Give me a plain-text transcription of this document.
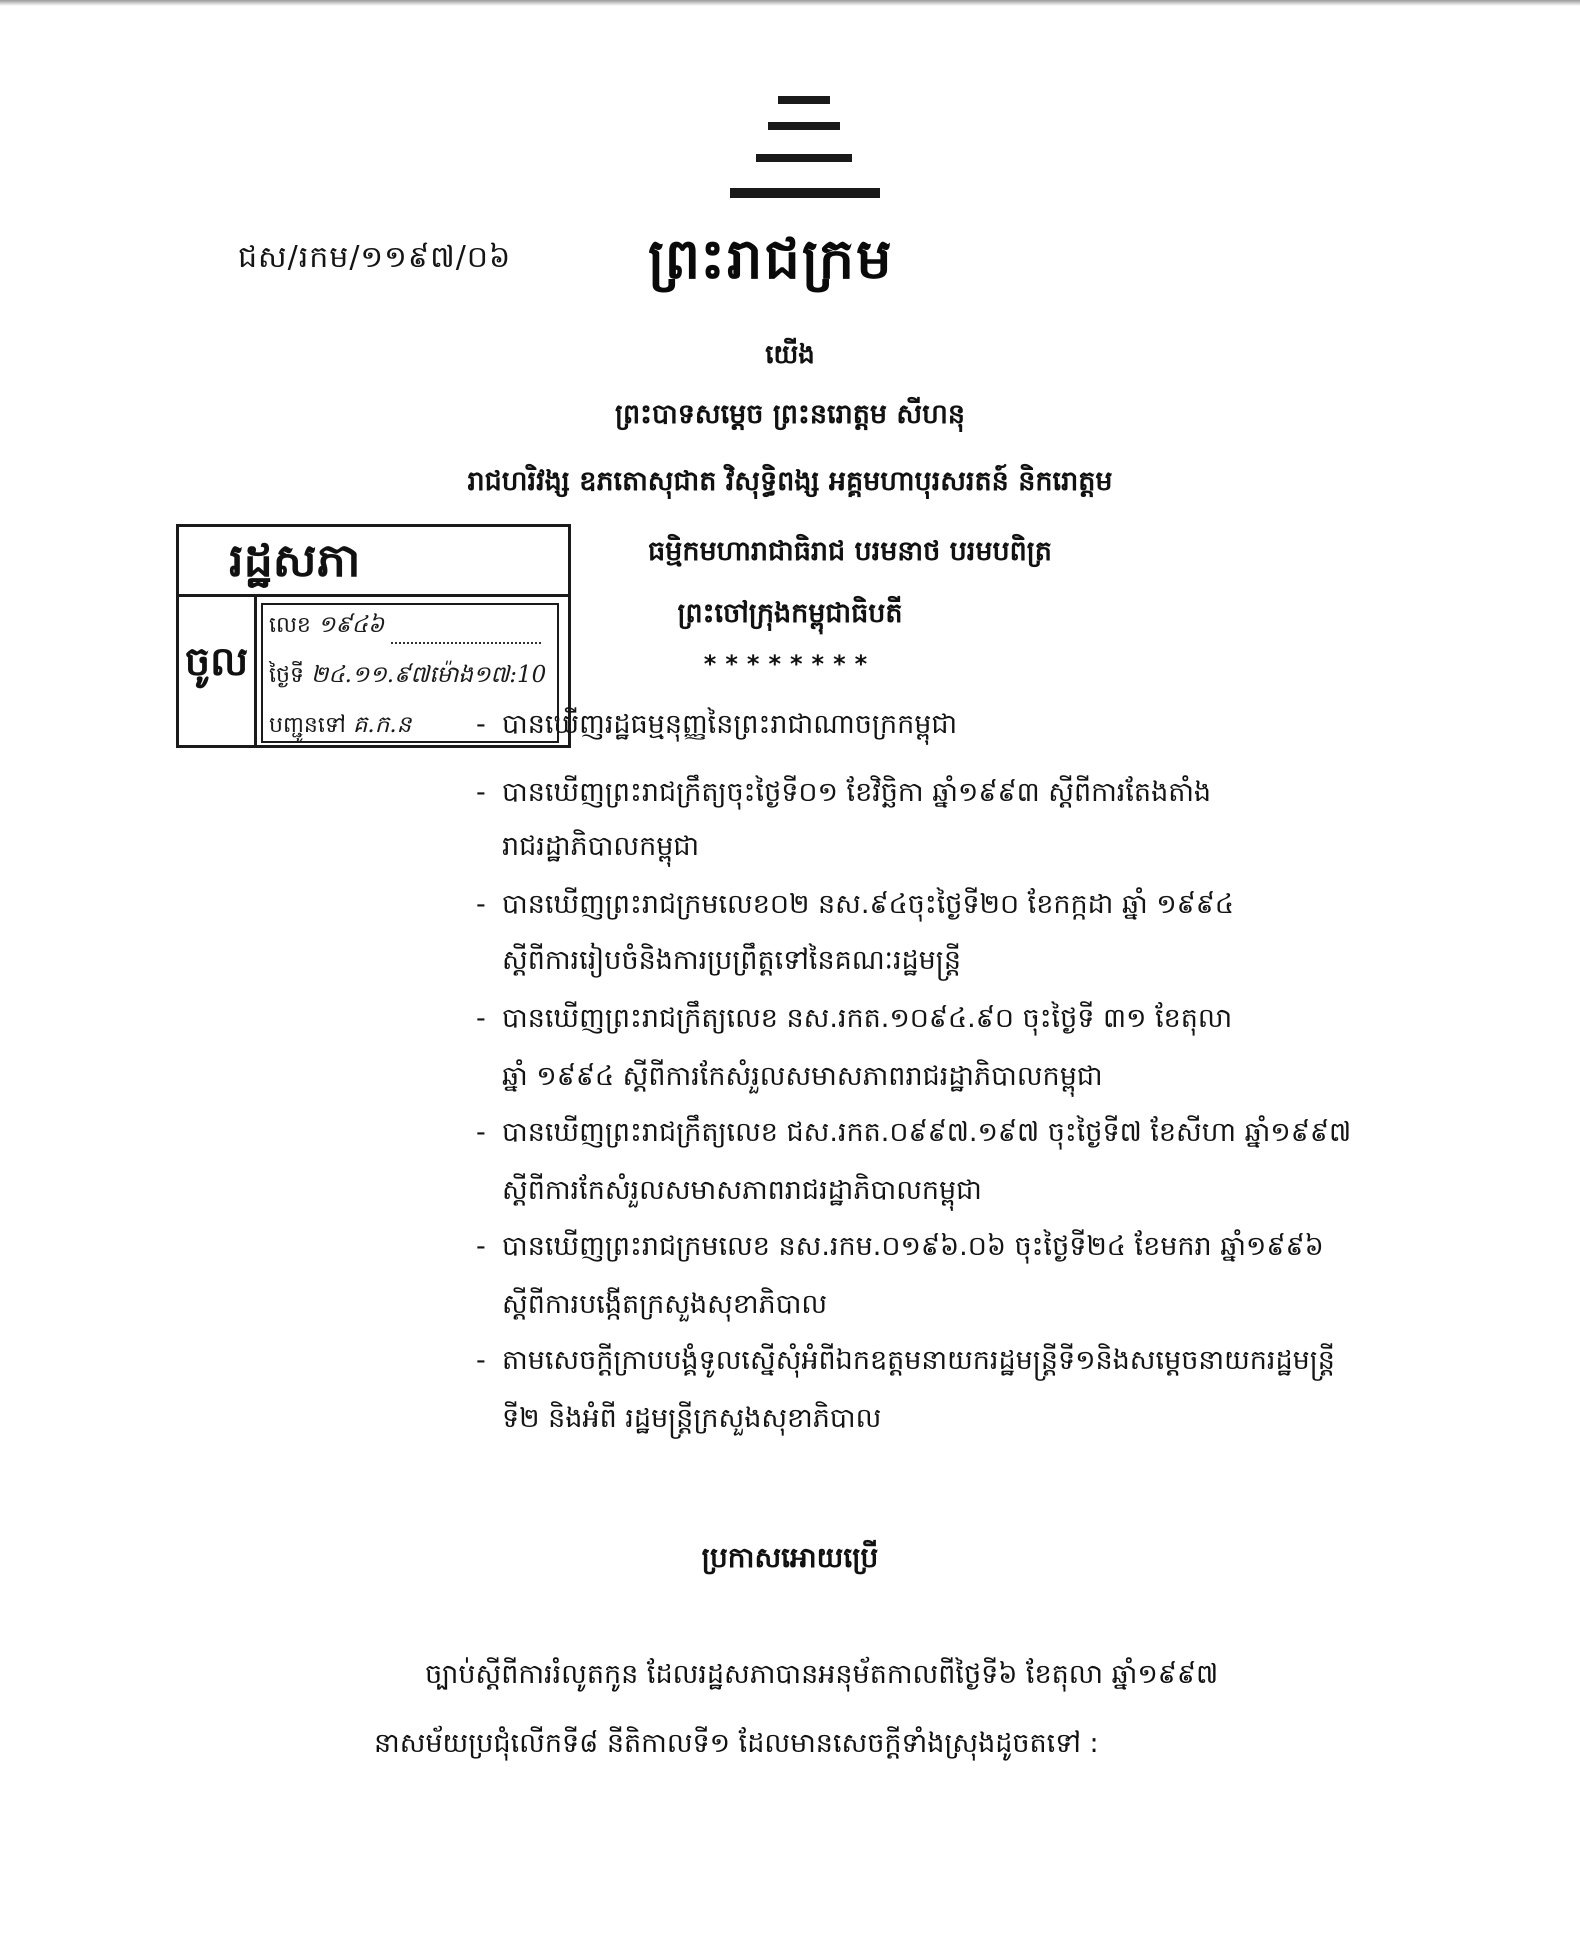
ជស/រកម/១១៩៧/០៦ ព្រះរាជក្រម
យើង
ព្រះបាទសម្តេច ព្រះនរោត្តម សីហនុ
រាជហរិវង្ស ឧភតោសុជាត វិសុទ្ធិពង្ស អគ្គមហាបុរសរតន៍ និករោត្តម
ធម្មិកមហារាជាធិរាជ បរមនាថ បរមបពិត្រ
ព្រះចៅក្រុងកម្ពុជាធិបតី
********
រដ្ឋសភា
ចូល
លេខ ១៩៤៦
ថ្ងៃទី ២៤.១១.៩៧ម៉ោង១៧:10
បញ្ជូនទៅ គ.ក.ន - បានឃើញរដ្ឋធម្មនុញ្ញនៃព្រះរាជាណាចក្រកម្ពុជា
- បានឃើញព្រះរាជក្រឹត្យចុះថ្ងៃទី០១ ខែវិច្ឆិកា ឆ្នាំ១៩៩៣ ស្តីពីការតែងតាំង
រាជរដ្ឋាភិបាលកម្ពុជា
- បានឃើញព្រះរាជក្រមលេខ០២ នស.៩៤ចុះថ្ងៃទី២០ ខែកក្កដា ឆ្នាំ ១៩៩៤
ស្តីពីការរៀបចំនិងការប្រព្រឹត្តទៅនៃគណៈរដ្ឋមន្ត្រី
- បានឃើញព្រះរាជក្រឹត្យលេខ នស.រកត.១០៩៤.៩០ ចុះថ្ងៃទី ៣១ ខែតុលា
ឆ្នាំ ១៩៩៤ ស្តីពីការកែសំរួលសមាសភាពរាជរដ្ឋាភិបាលកម្ពុជា
- បានឃើញព្រះរាជក្រឹត្យលេខ ជស.រកត.០៩៩៧.១៩៧ ចុះថ្ងៃទី៧ ខែសីហា ឆ្នាំ១៩៩៧
ស្តីពីការកែសំរួលសមាសភាពរាជរដ្ឋាភិបាលកម្ពុជា
- បានឃើញព្រះរាជក្រមលេខ នស.រកម.០១៩៦.០៦ ចុះថ្ងៃទី២៤ ខែមករា ឆ្នាំ១៩៩៦
ស្តីពីការបង្កើតក្រសួងសុខាភិបាល
- តាមសេចក្តីក្រាបបង្គំទូលស្នើសុំអំពីឯកឧត្តមនាយករដ្ឋមន្ត្រីទី១និងសម្តេចនាយករដ្ឋមន្ត្រី
ទី២ និងអំពី រដ្ឋមន្ត្រីក្រសួងសុខាភិបាល
ប្រកាសអោយប្រើ
ច្បាប់ស្តីពីការរំលូតកូន ដែលរដ្ឋសភាបានអនុម័តកាលពីថ្ងៃទី៦ ខែតុលា ឆ្នាំ១៩៩៧
នាសម័យប្រជុំលើកទី៨ នីតិកាលទី១ ដែលមានសេចក្តីទាំងស្រុងដូចតទៅ :
